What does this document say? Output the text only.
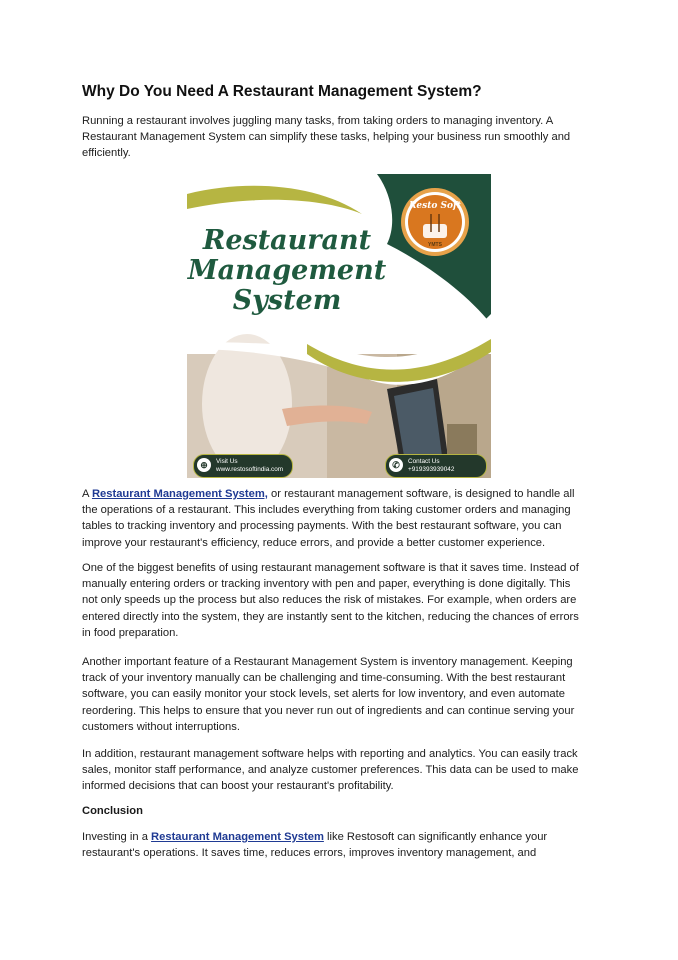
Why Do You Need A Restaurant Management System?

Running a restaurant involves juggling many tasks, from taking orders to managing inventory. A Restaurant Management System can simplify these tasks, helping your business run smoothly and efficiently.

A Restaurant Management System, or restaurant management software, is designed to handle all the operations of a restaurant. This includes everything from taking customer orders and managing tables to tracking inventory and processing payments. With the best restaurant software, you can improve your restaurant's efficiency, reduce errors, and provide a better customer experience.

One of the biggest benefits of using restaurant management software is that it saves time. Instead of manually entering orders or tracking inventory with pen and paper, everything is done digitally. This not only speeds up the process but also reduces the risk of mistakes. For example, when orders are entered directly into the system, they are instantly sent to the kitchen, reducing the chances of errors in food preparation.

Another important feature of a Restaurant Management System is inventory management. Keeping track of your inventory manually can be challenging and time-consuming. With the best restaurant software, you can easily monitor your stock levels, set alerts for low inventory, and even automate reordering. This helps to ensure that you never run out of ingredients and can continue serving your customers without interruptions.

In addition, restaurant management software helps with reporting and analytics. You can easily track sales, monitor staff performance, and analyze customer preferences. This data can be used to make informed decisions that can boost your restaurant's profitability.

Conclusion

Investing in a Restaurant Management System like Restosoft can significantly enhance your restaurant's operations. It saves time, reduces errors, improves inventory management, and

Restaurant
Management
System
Resto Soft
YMTS
⊕	Visit Us
www.restosoftindia.com	✆	Contact Us
+919393939042
